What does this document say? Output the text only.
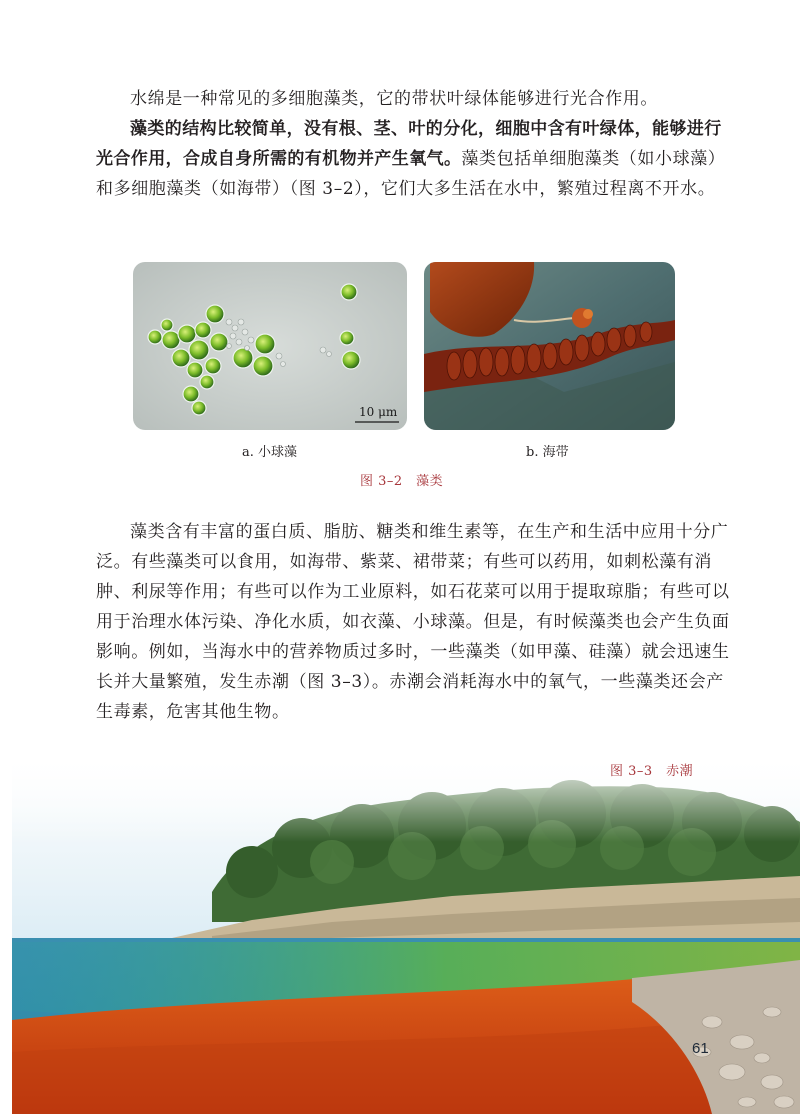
水绵是一种常见的多细胞藻类，它的带状叶绿体能够进行光合作用。

藻类的结构比较简单，没有根、茎、叶的分化，细胞中含有叶绿体，能够进行光合作用，合成自身所需的有机物并产生氧气。藻类包括单细胞藻类（如小球藻）和多细胞藻类（如海带）（图 3–2），它们大多生活在水中，繁殖过程离不开水。

10 μm
a. 小球藻	b. 海带
图 3–2　藻类

藻类含有丰富的蛋白质、脂肪、糖类和维生素等，在生产和生活中应用十分广泛。有些藻类可以食用，如海带、紫菜、裙带菜；有些可以药用，如刺松藻有消肿、利尿等作用；有些可以作为工业原料，如石花菜可以用于提取琼脂；有些可以用于治理水体污染、净化水质，如衣藻、小球藻。但是，有时候藻类也会产生负面影响。例如，当海水中的营养物质过多时，一些藻类（如甲藻、硅藻）就会迅速生长并大量繁殖，发生赤潮（图 3–3）。赤潮会消耗海水中的氧气，一些藻类还会产生毒素，危害其他生物。

图 3–3　赤潮
61
